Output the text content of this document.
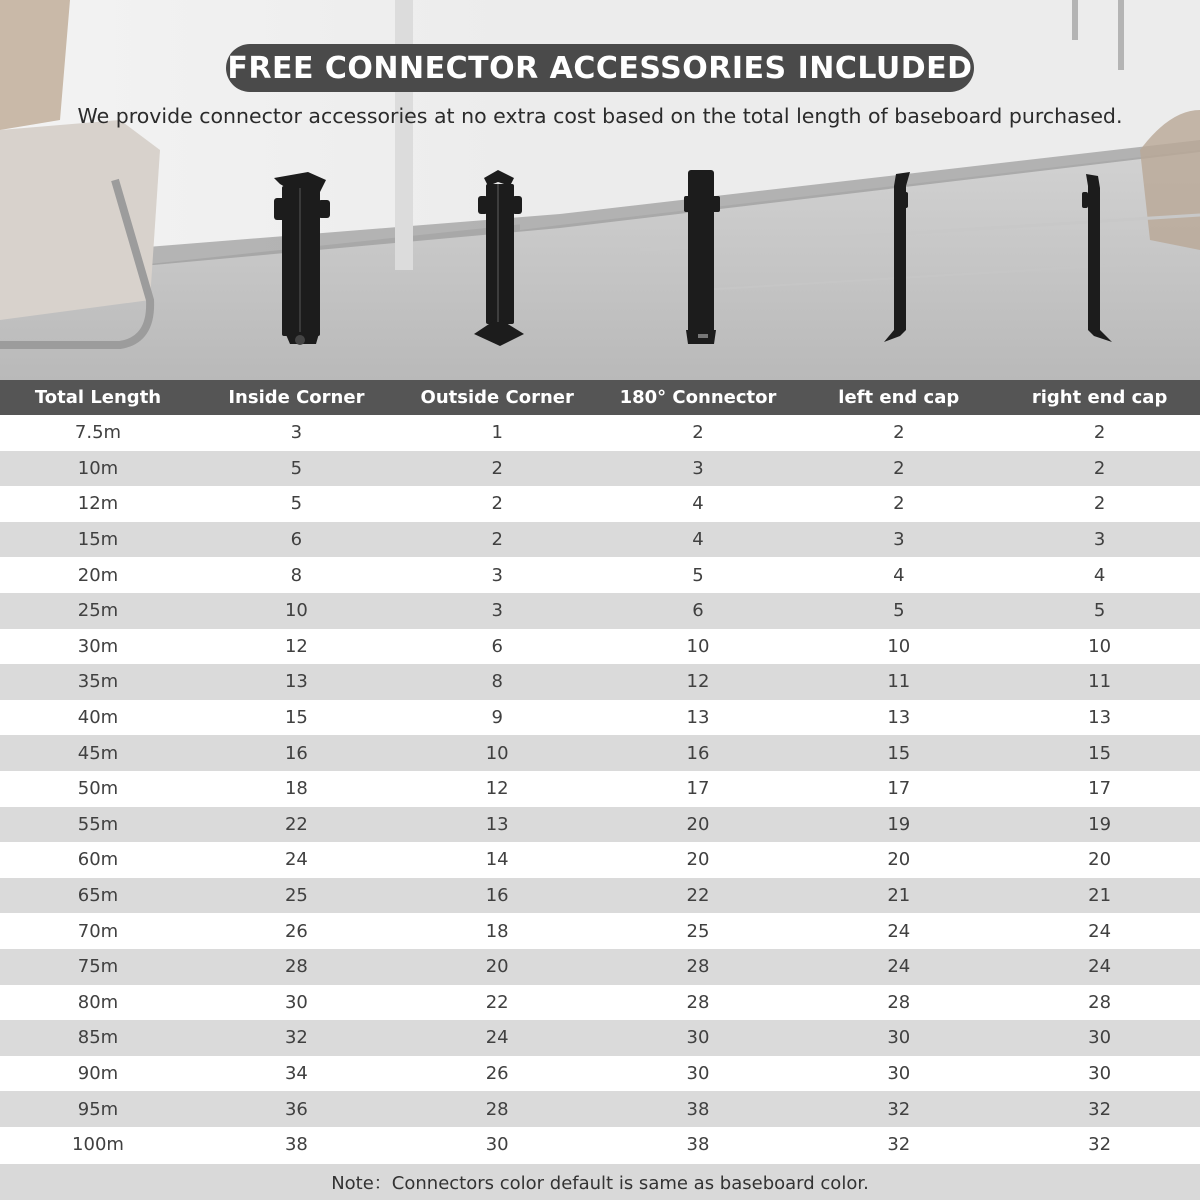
FREE CONNECTOR ACCESSORIES INCLUDED
We provide connector accessories at no extra cost based on the total length of baseboard purchased.
Total Length	Inside Corner	Outside Corner	180° Connector	left end cap	right end cap
7.5m	3	1	2	2	2
10m	5	2	3	2	2
12m	5	2	4	2	2
15m	6	2	4	3	3
20m	8	3	5	4	4
25m	10	3	6	5	5
30m	12	6	10	10	10
35m	13	8	12	11	11
40m	15	9	13	13	13
45m	16	10	16	15	15
50m	18	12	17	17	17
55m	22	13	20	19	19
60m	24	14	20	20	20
65m	25	16	22	21	21
70m	26	18	25	24	24
75m	28	20	28	24	24
80m	30	22	28	28	28
85m	32	24	30	30	30
90m	34	26	30	30	30
95m	36	28	38	32	32
100m	38	30	38	32	32
Note：Connectors color default is same as baseboard color.
